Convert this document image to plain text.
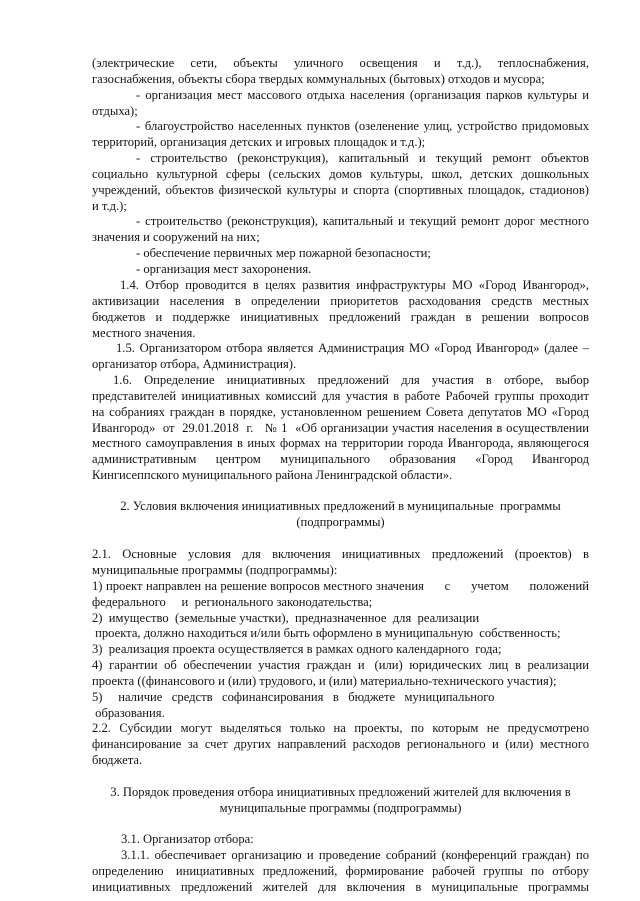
(электрические   сети,   объекты   уличного   освещения   и   т.д.),   теплоснабжения,
газоснабжения, объекты сбора твердых коммунальных (бытовых) отходов и мусора;
- организация мест массового отдыха населения (организация парков культуры и
отдыха);
- благоустройство населенных пунктов (озеленение улиц, устройство придомовых
территорий, организация детских и игровых площадок и т.д.);
-  строительство  (реконструкция),  капитальный  и  текущий  ремонт  объектов
социально культурной сферы (сельских домов культуры, школ, детских дошкольных
учреждений, объектов физической культуры и спорта (спортивных площадок, стадионов)
и т.д.);
- строительство (реконструкция), капитальный и текущий ремонт дорог местного
значения и сооружений на них;
- обеспечение первичных мер пожарной безопасности;
- организация мест захоронения.
1.4. Отбор проводится в целях развития инфраструктуры МО «Город Ивангород»,
активизации  населения  в  определении  приоритетов  расходования  средств  местных
бюджетов  и  поддержке  инициативных  предложений  граждан  в  решении  вопросов
местного значения.
1.5. Организатором отбора является Администрация МО «Город Ивангород» (далее –
организатор отбора, Администрация).
1.6.  Определение  инициативных  предложений  для  участия  в  отборе,  выбор
представителей инициативных комиссий для участия в работе Рабочей группы проходит
на собраниях граждан в порядке, установленном решением Совета депутатов МО «Город
Ивангород»  от  29.01.2018  г.   № 1  «Об организации участия населения в осуществлении
местного самоуправления в иных формах на территории города Ивангорода, являющегося
административным      центром      муниципального      образования      «Город      Ивангород
Кингисеппского муниципального района Ленинградской области».
2. Условия включения инициативных предложений в муниципальные  программы
(подпрограммы)
2.1.  Основные  условия  для  включения  инициативных  предложений  (проектов)  в
муниципальные программы (подпрограммы):
1) проект направлен на решение вопросов местного значения      с      учетом      положений
федерального     и  регионального законодательства;
2)  имущество  (земельные участки),  предназначенное  для  реализации
проекта, должно находиться и/или быть оформлено в муниципальную  собственность;
3)  реализация проекта осуществляется в рамках одного календарного  года;
4)  гарантии  об  обеспечении  участия  граждан  и   (или)  юридических  лиц  в  реализации
проекта ((финансового и (или) трудового, и (или) материально-технического участия);
5)     наличие   средств   софинансирования   в   бюджете   муниципального
образования.
2.2.  Субсидии  могут  выделяться  только  на  проекты,  по  которым  не  предусмотрено
финансирование за счет других направлений расходов регионального и (или) местного
бюджета.
3. Порядок проведения отбора инициативных предложений жителей для включения в
муниципальные программы (подпрограммы)
3.1. Организатор отбора:
3.1.1. обеспечивает организацию и проведение собраний (конференций граждан) по
определению   инициативных  предложений,  формирование  рабочей  группы  по  отбору
инициативных  предложений  жителей  для  включения  в  муниципальные  программы
